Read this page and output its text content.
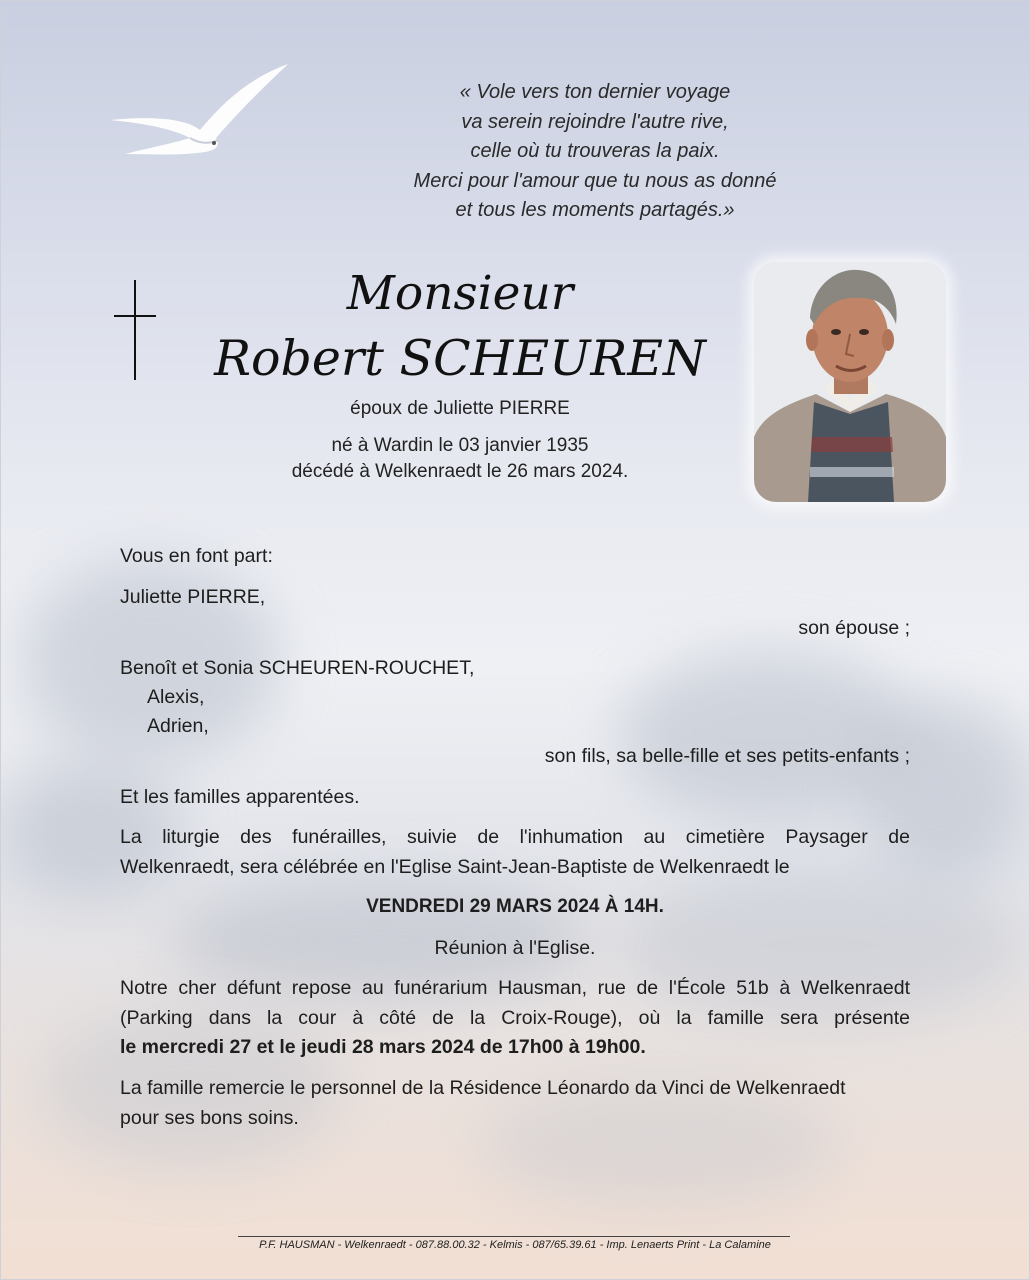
« Vole vers ton dernier voyage
va serein rejoindre l'autre rive,
celle où tu trouveras la paix.
Merci pour l'amour que tu nous as donné
et tous les moments partagés.»
Monsieur
Robert SCHEUREN
époux de Juliette PIERRE
né à Wardin le 03 janvier 1935
décédé à Welkenraedt le 26 mars 2024.
Vous en font part:
Juliette PIERRE,
son épouse ;
Benoît et Sonia SCHEUREN-ROUCHET,
Alexis,
Adrien,
son fils, sa belle-fille et ses petits-enfants ;
Et les familles apparentées.
La liturgie des funérailles, suivie de l'inhumation au cimetière Paysager de
Welkenraedt, sera célébrée en l'Eglise Saint-Jean-Baptiste de Welkenraedt le
VENDREDI 29 MARS 2024 À 14H.
Réunion à l'Eglise.
Notre cher défunt repose au funérarium Hausman, rue de l'École 51b à Welkenraedt
(Parking dans la cour à côté de la Croix-Rouge), où la famille sera présente
le mercredi 27 et le jeudi 28 mars 2024 de 17h00 à 19h00.
La famille remercie le personnel de la Résidence Léonardo da Vinci de Welkenraedt
pour ses bons soins.
P.F. HAUSMAN - Welkenraedt - 087.88.00.32 - Kelmis - 087/65.39.61 - Imp. Lenaerts Print - La Calamine
